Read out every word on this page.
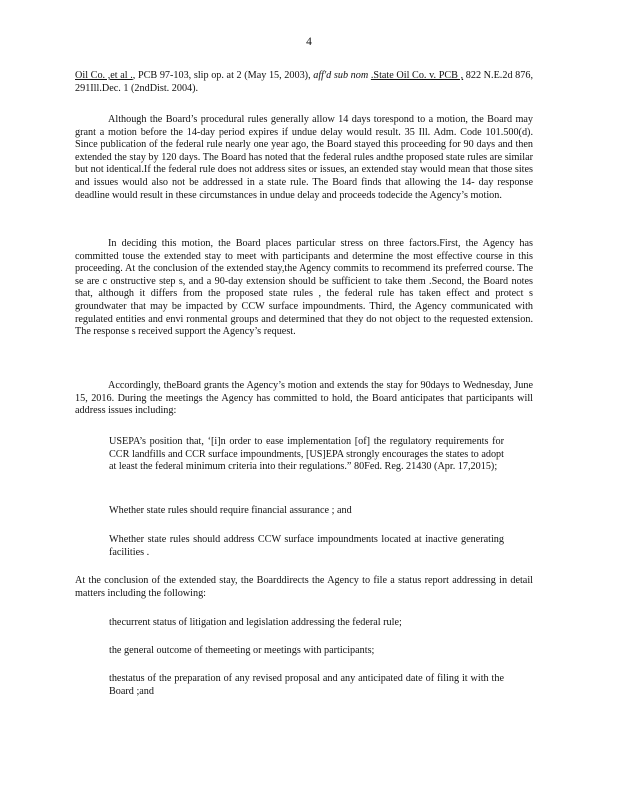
4
Oil Co. ,et al ., PCB 97-103, slip op. at 2 (May 15, 2003), aff'd sub nom .State Oil Co. v. PCB , 822 N.E.2d 876, 291Ill.Dec. 1 (2ndDist. 2004).
Although the Board’s procedural rules generally allow 14 days torespond to a motion, the Board may grant a motion before the 14-day period expires if undue delay would result. 35 Ill. Adm. Code 101.500(d). Since publication of the federal rule nearly one year ago, the Board stayed this proceeding for 90 days and then extended the stay by 120 days. The Board has noted that the federal rules andthe proposed state rules are similar but not identical.If the federal rule does not address sites or issues, an extended stay would mean that those sites and issues would also not be addressed in a state rule. The Board finds that allowing the 14- day response deadline would result in these circumstances in undue delay and proceeds todecide the Agency’s motion.
In deciding this motion, the Board places particular stress on three factors.First, the Agency has committed touse the extended stay to meet with participants and determine the most effective course in this proceeding. At the conclusion of the extended stay,the Agency commits to recommend its preferred course. The se are c onstructive step s, and a 90-day extension should be sufficient to take them .Second, the Board notes that, although it differs from the proposed state rules , the federal rule has taken effect and protect s groundwater that may be impacted by CCW surface impoundments. Third, the Agency communicated with regulated entities and envi ronmental groups and determined that they do not object to the requested extension. The response s received support the Agency’s request.
Accordingly, theBoard grants the Agency’s motion and extends the stay for 90days to Wednesday, June 15, 2016. During the meetings the Agency has committed to hold, the Board anticipates that participants will address issues including:
USEPA’s position that, ‘[i]n order to ease implementation [of] the regulatory requirements for CCR landfills and CCR surface impoundments, [US]EPA strongly encourages the states to adopt at least the federal minimum criteria into their regulations.” 80Fed. Reg. 21430 (Apr. 17,2015);
Whether state rules should require financial assurance ; and
Whether state rules should address CCW surface impoundments located at inactive generating facilities .
At the conclusion of the extended stay, the Boarddirects the Agency to file a status report addressing in detail matters including the following:
thecurrent status of litigation and legislation addressing the federal rule;
the general outcome of themeeting or meetings with participants;
thestatus of the preparation of any revised proposal and any anticipated date of filing it with the Board ;and
